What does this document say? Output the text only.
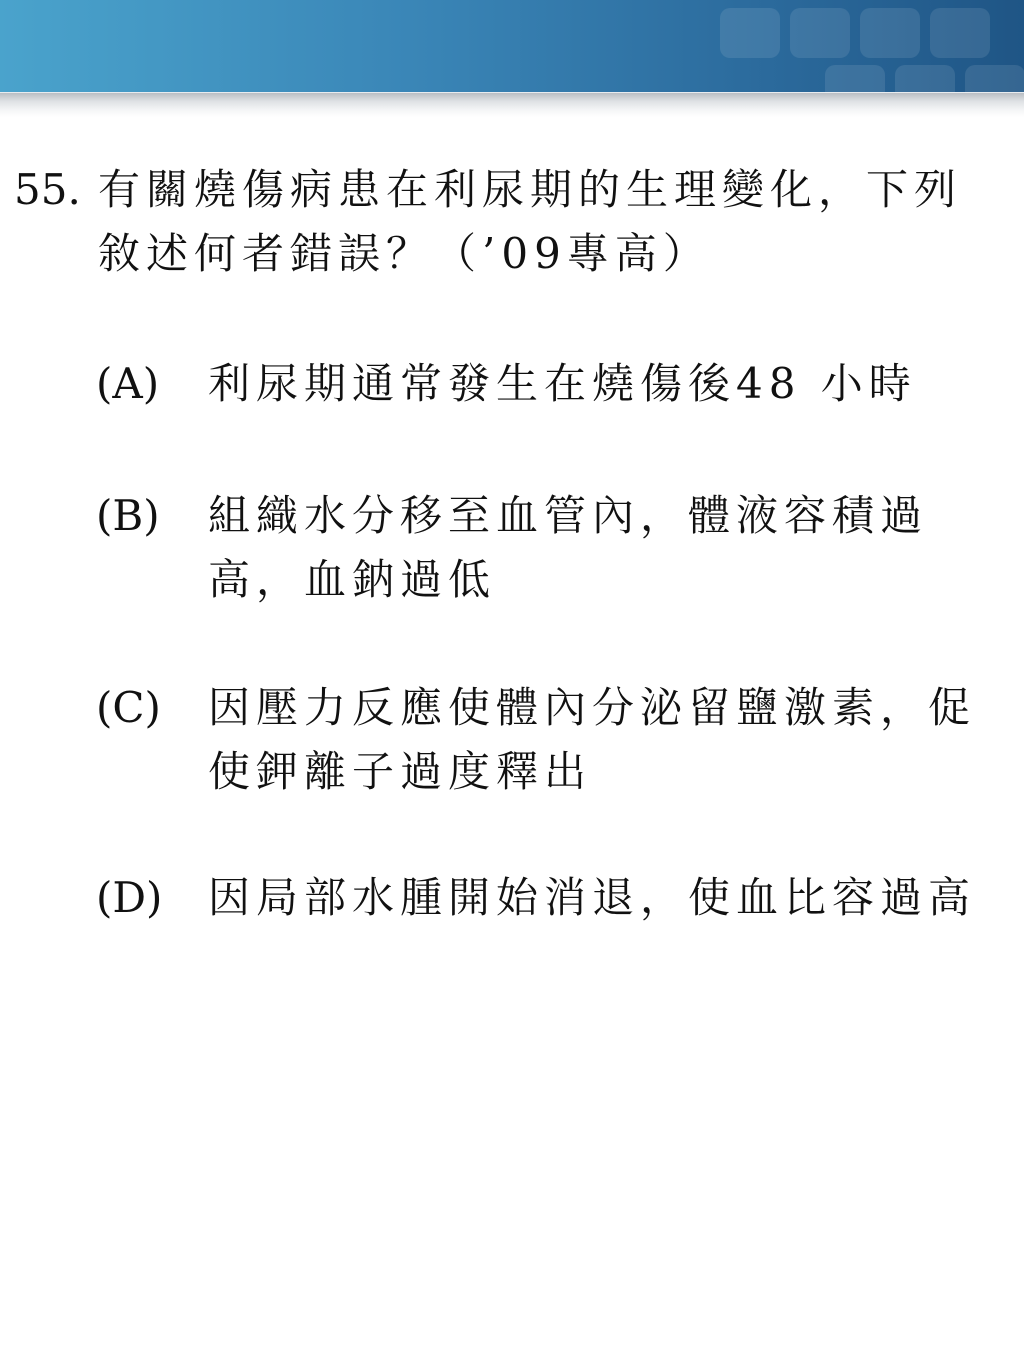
55. 有關燒傷病患在利尿期的生理變化，下列敘述何者錯誤？（’09專高）
(A) 利尿期通常發生在燒傷後48 小時
(B) 組織水分移至血管內，體液容積過高，血鈉過低
(C) 因壓力反應使體內分泌留鹽激素，促使鉀離子過度釋出
(D) 因局部水腫開始消退，使血比容過高
